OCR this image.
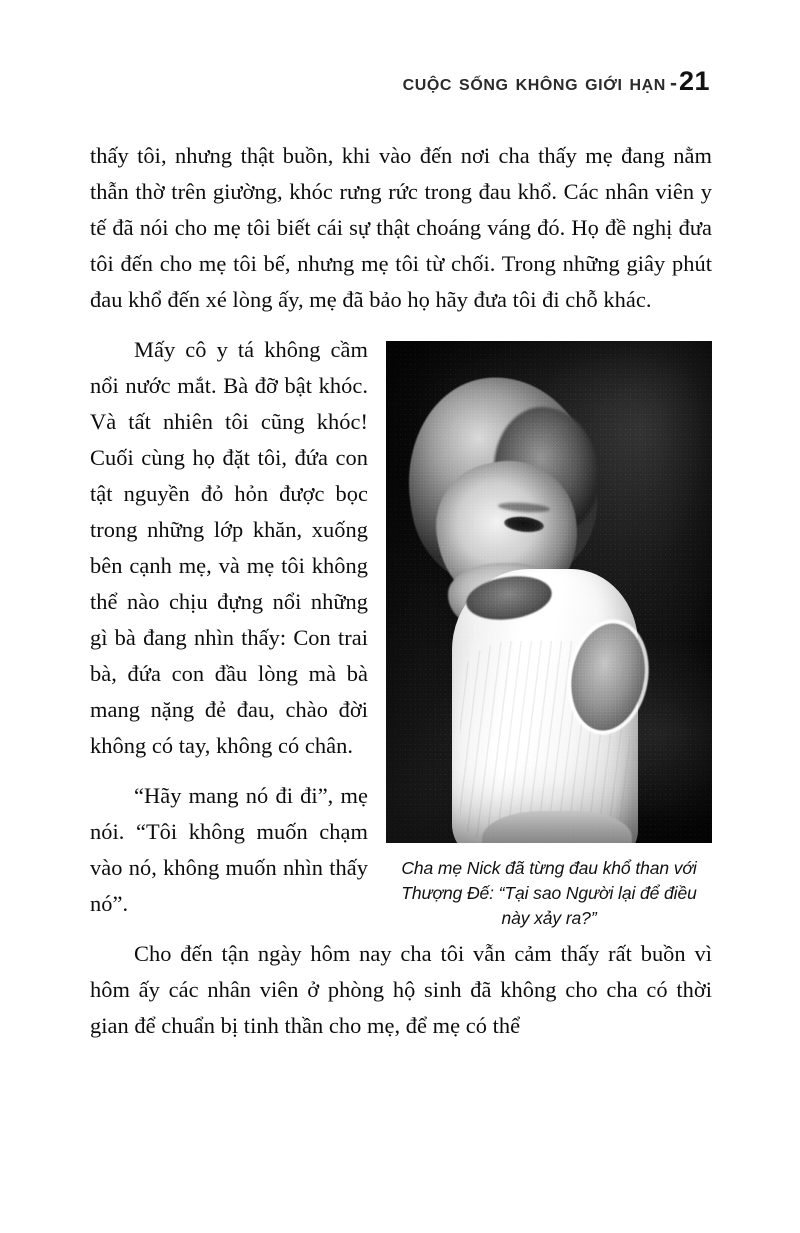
cuộc sống không giới hạn -21

thấy tôi, nhưng thật buồn, khi vào đến nơi cha thấy mẹ đang nằm thẫn thờ trên giường, khóc rưng rức trong đau khổ. Các nhân viên y tế đã nói cho mẹ tôi biết cái sự thật choáng váng đó. Họ đề nghị đưa tôi đến cho mẹ tôi bế, nhưng mẹ tôi từ chối. Trong những giây phút đau khổ đến xé lòng ấy, mẹ đã bảo họ hãy đưa tôi đi chỗ khác.

Cha mẹ Nick đã từng đau khổ than với Thượng Đế: “Tại sao Người lại để điều này xảy ra?”

Mấy cô y tá không cầm nổi nước mắt. Bà đỡ bật khóc. Và tất nhiên tôi cũng khóc! Cuối cùng họ đặt tôi, đứa con tật nguyền đỏ hỏn được bọc trong những lớp khăn, xuống bên cạnh mẹ, và mẹ tôi không thể nào chịu đựng nổi những gì bà đang nhìn thấy: Con trai bà, đứa con đầu lòng mà bà mang nặng đẻ đau, chào đời không có tay, không có chân.

“Hãy mang nó đi đi”, mẹ nói. “Tôi không muốn chạm vào nó, không muốn nhìn thấy nó”.

Cho đến tận ngày hôm nay cha tôi vẫn cảm thấy rất buồn vì hôm ấy các nhân viên ở phòng hộ sinh đã không cho cha có thời gian để chuẩn bị tinh thần cho mẹ, để mẹ có thể
